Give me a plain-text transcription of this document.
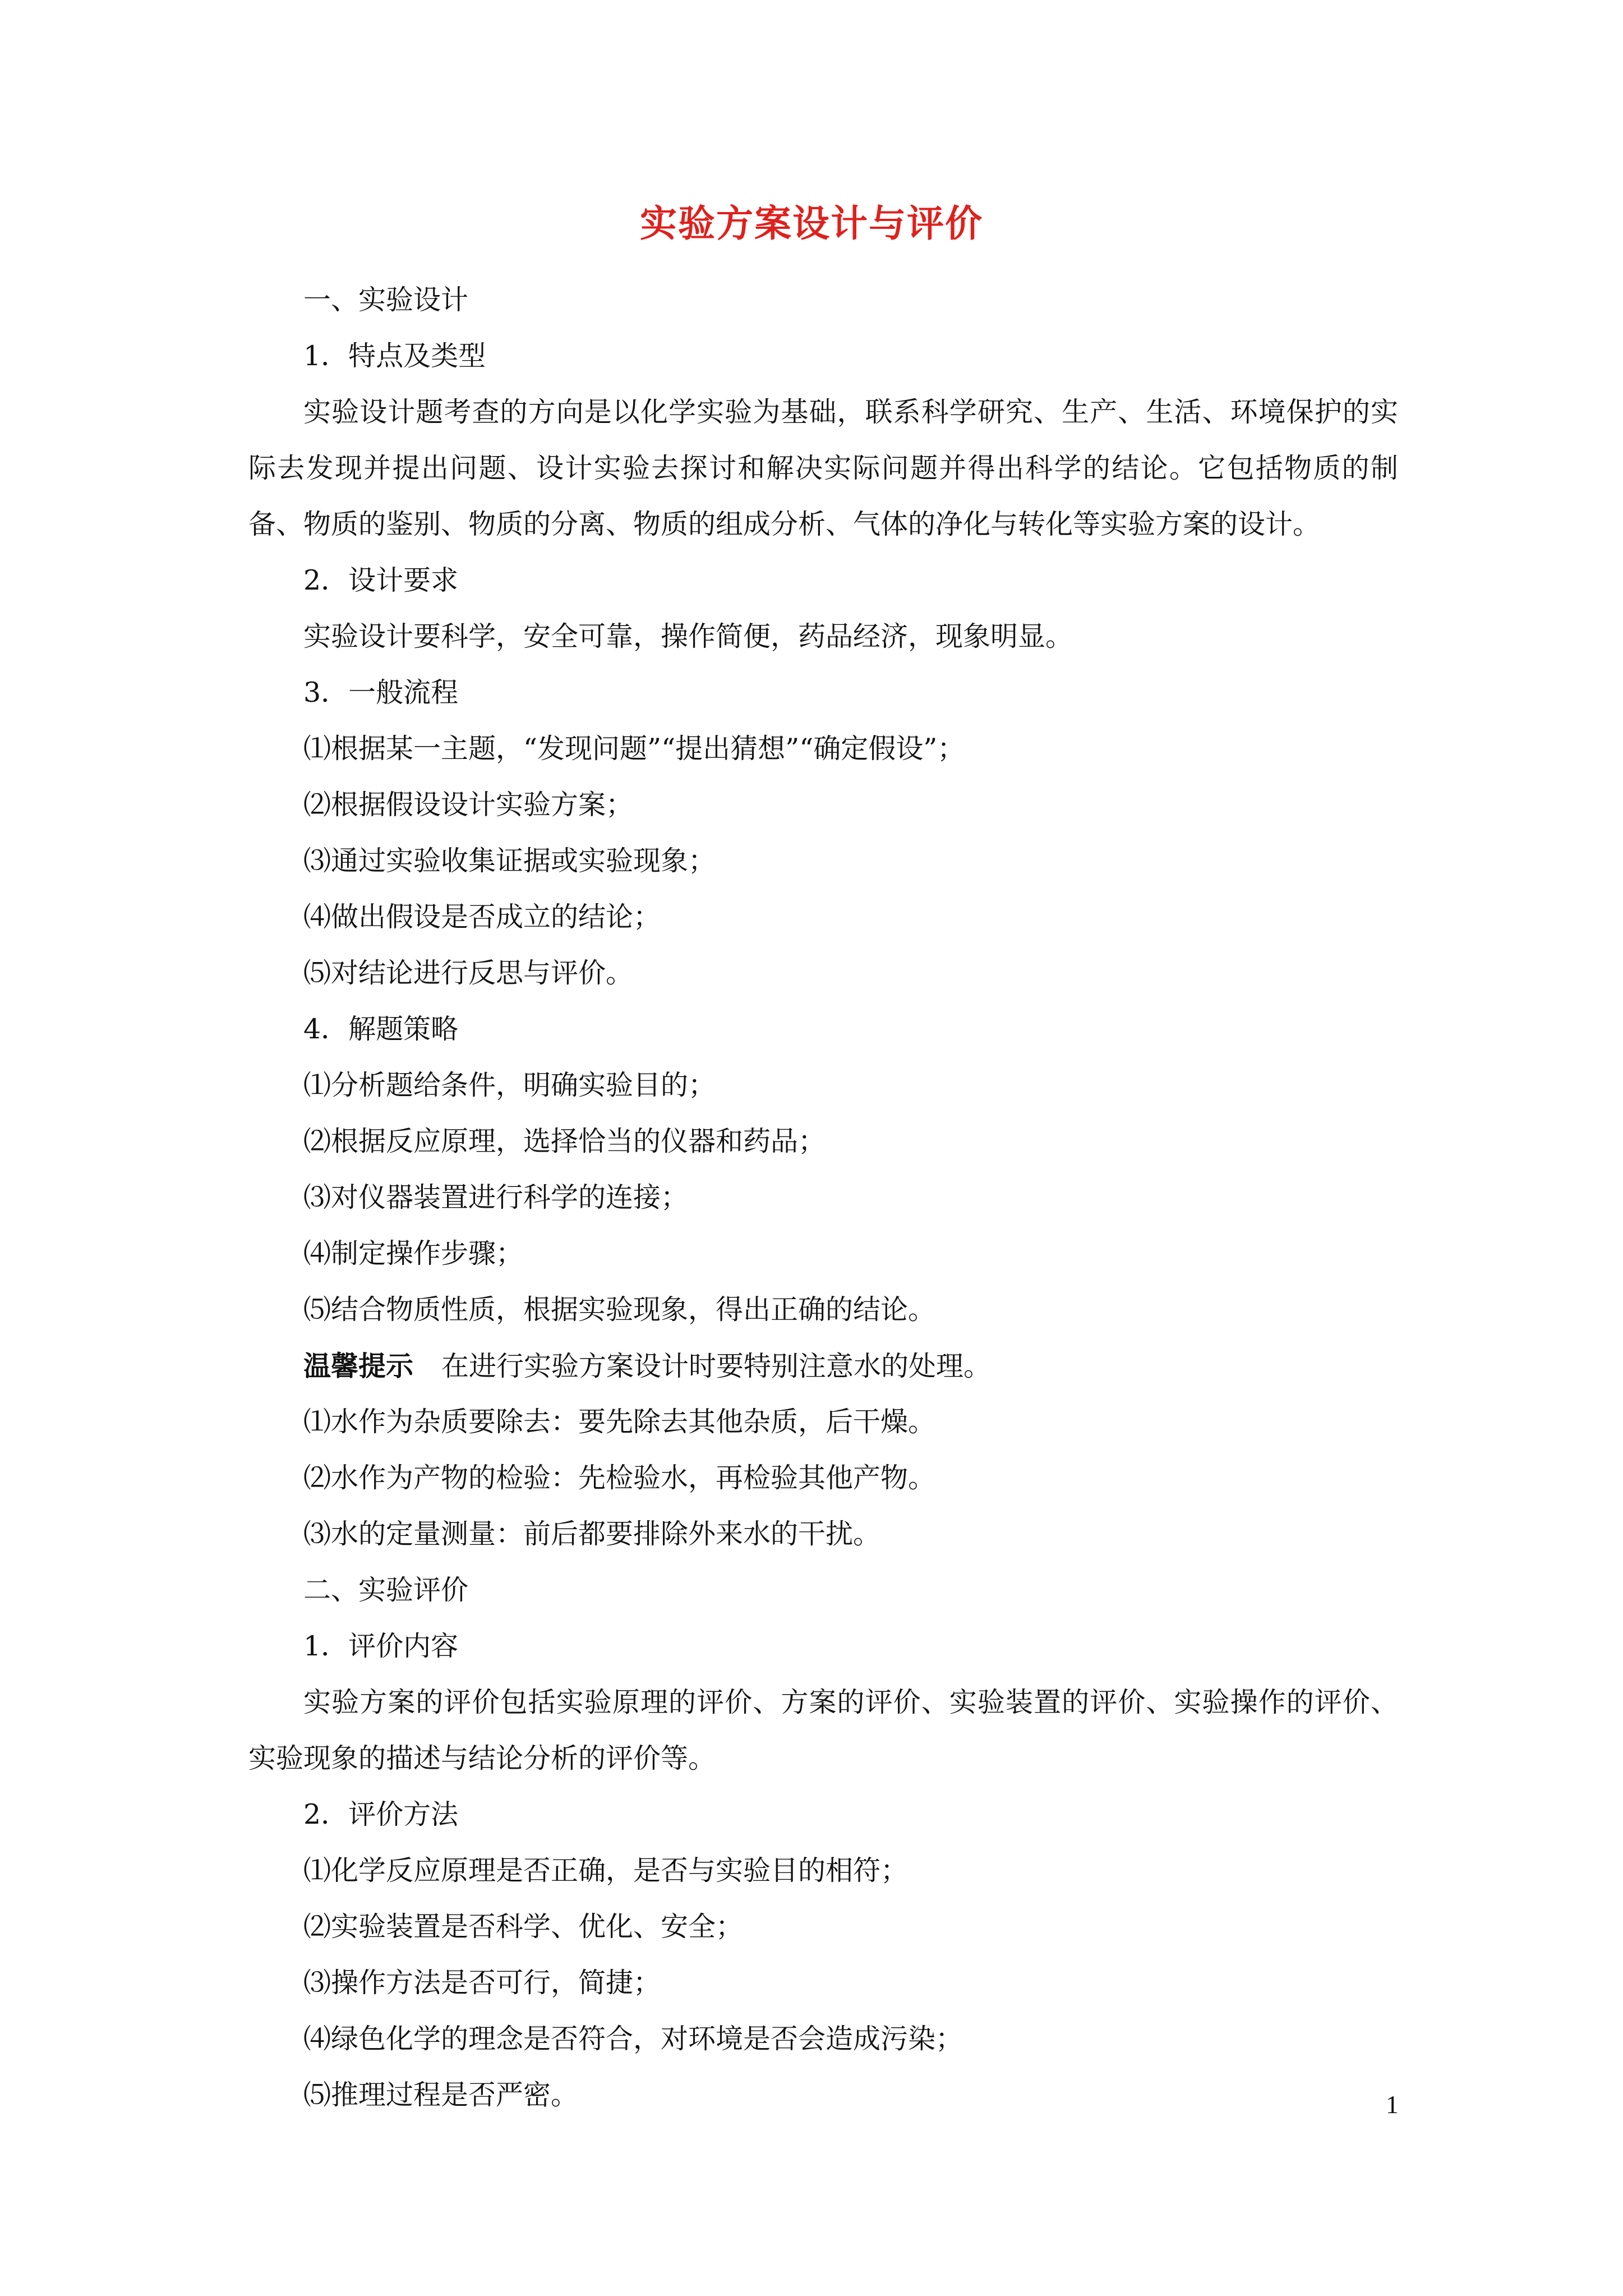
实验方案设计与评价
一、实验设计
1．特点及类型

实验设计题考查的方向是以化学实验为基础，联系科学研究、生产、生活、环境保护的实际去发现并提出问题、设计实验去探讨和解决实际问题并得出科学的结论。它包括物质的制备、物质的鉴别、物质的分离、物质的组成分析、气体的净化与转化等实验方案的设计。

2．设计要求
实验设计要科学，安全可靠，操作简便，药品经济，现象明显。
3．一般流程
⑴根据某一主题，“发现问题”“提出猜想”“确定假设”；
⑵根据假设设计实验方案；
⑶通过实验收集证据或实验现象；
⑷做出假设是否成立的结论；
⑸对结论进行反思与评价。
4．解题策略
⑴分析题给条件，明确实验目的；
⑵根据反应原理，选择恰当的仪器和药品；
⑶对仪器装置进行科学的连接；
⑷制定操作步骤；
⑸结合物质性质，根据实验现象，得出正确的结论。
温馨提示 在进行实验方案设计时要特别注意水的处理。
⑴水作为杂质要除去：要先除去其他杂质，后干燥。
⑵水作为产物的检验：先检验水，再检验其他产物。
⑶水的定量测量：前后都要排除外来水的干扰。
二、实验评价
1．评价内容

实验方案的评价包括实验原理的评价、方案的评价、实验装置的评价、实验操作的评价、实验现象的描述与结论分析的评价等。

2．评价方法
⑴化学反应原理是否正确，是否与实验目的相符；
⑵实验装置是否科学、优化、安全；
⑶操作方法是否可行，简捷；
⑷绿色化学的理念是否符合，对环境是否会造成污染；
⑸推理过程是否严密。	1
